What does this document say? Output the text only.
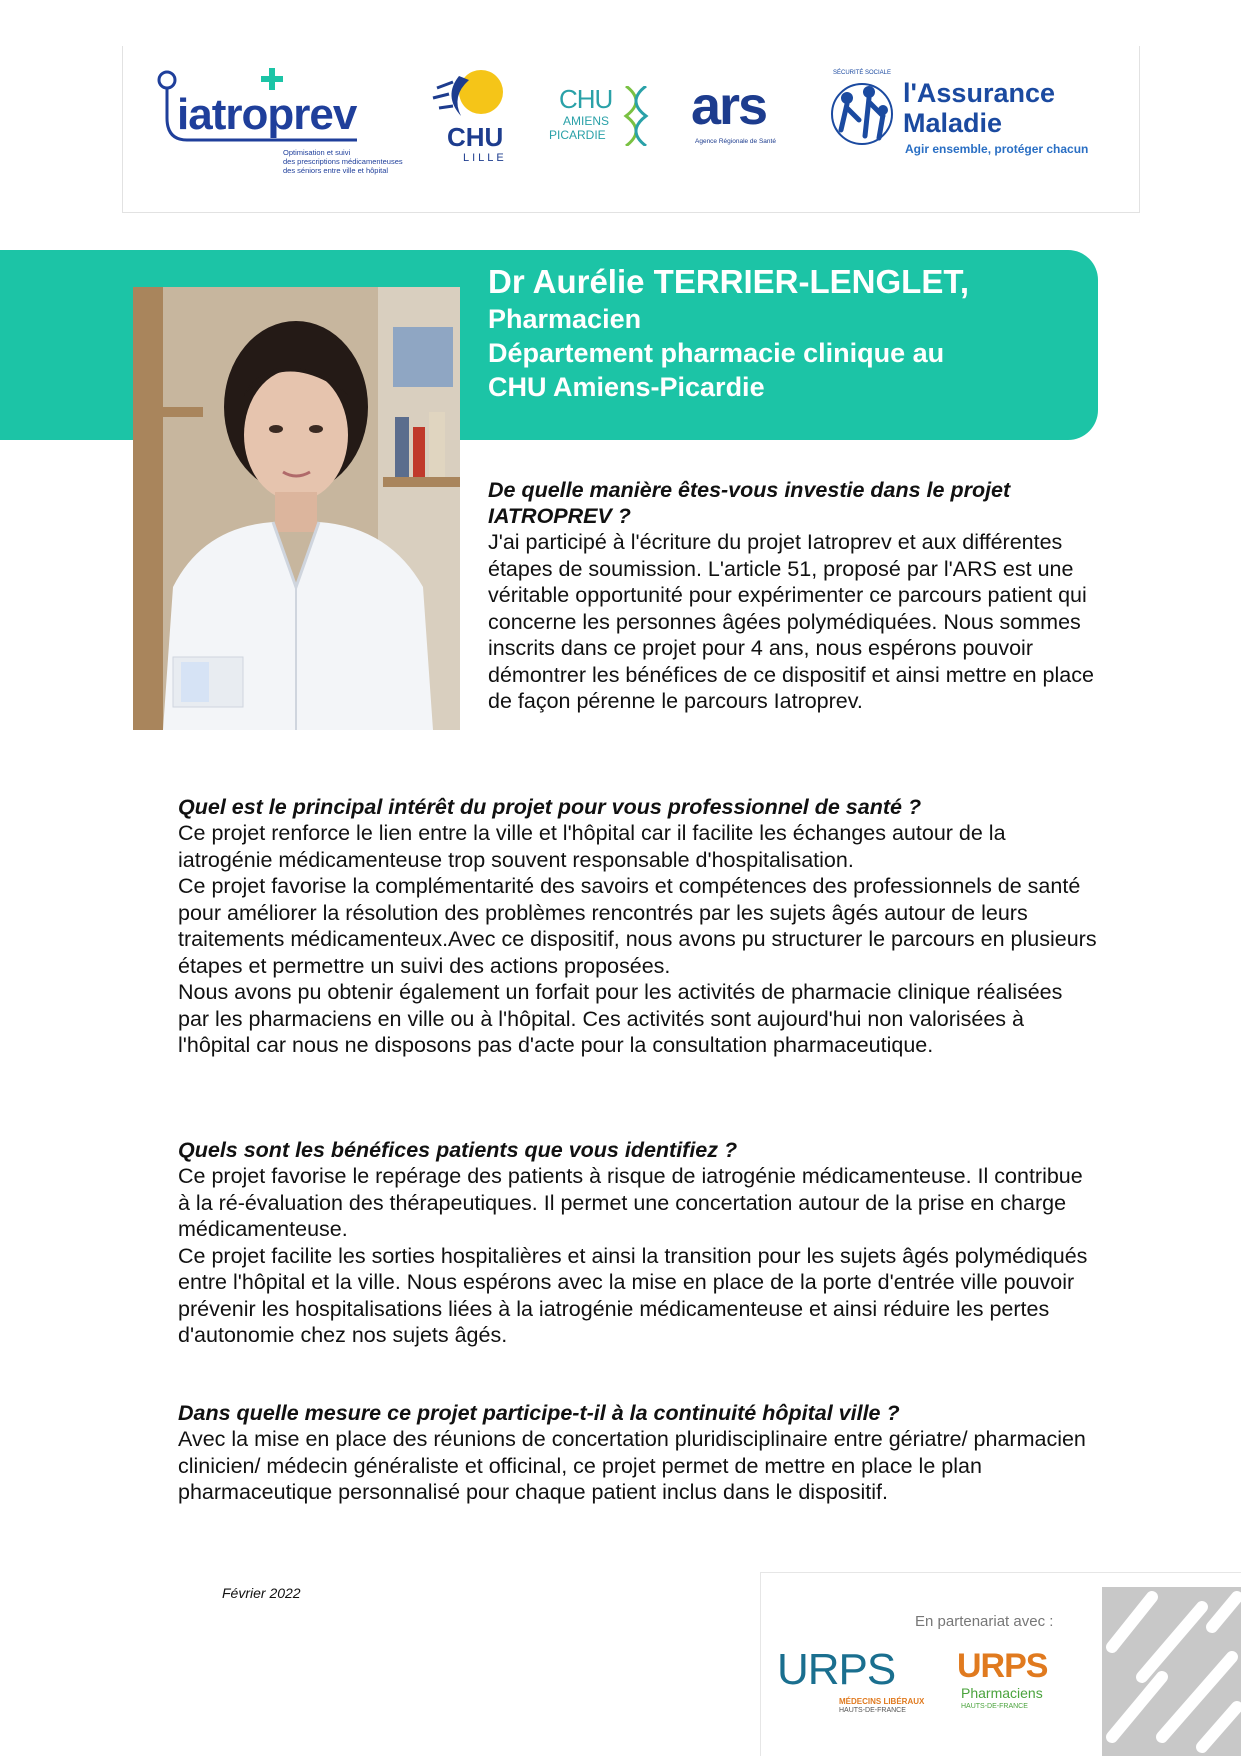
iatroprev
Optimisation et suivi
des prescriptions médicamenteuses
des séniors entre ville et hôpital
CHU
LILLE
CHU
AMIENS
PICARDIE ars
Agence Régionale de Santé
SÉCURITÉ SOCIALE
l'Assurance
Maladie
Agir ensemble, protéger chacun
Dr Aurélie TERRIER-LENGLET,
Pharmacien
Département pharmacie clinique au
CHU Amiens-Picardie

De quelle manière êtes-vous investie dans le projet IATROPREV ?

J'ai participé à l'écriture du projet Iatroprev et aux différentes étapes de soumission. L'article 51, proposé par l'ARS est une véritable opportunité pour expérimenter ce parcours patient qui concerne les personnes âgées polymédiquées. Nous sommes inscrits dans ce projet pour 4 ans, nous espérons pouvoir démontrer les bénéfices de ce dispositif et ainsi mettre en place de façon pérenne le parcours Iatroprev.

Quel est le principal intérêt du projet pour vous professionnel de santé ?

Ce projet renforce le lien entre la ville et l'hôpital car il facilite les échanges autour de la iatrogénie médicamenteuse trop souvent responsable d'hospitalisation.

Ce projet favorise la complémentarité des savoirs et compétences des professionnels de santé pour améliorer la résolution des problèmes rencontrés par les sujets âgés autour de leurs traitements médicamenteux.Avec ce dispositif, nous avons pu structurer le parcours en plusieurs étapes et permettre un suivi des actions proposées.

Nous avons pu obtenir également un forfait pour les activités de pharmacie clinique réalisées par les pharmaciens en ville ou à l'hôpital. Ces activités sont aujourd'hui non valorisées à l'hôpital car nous ne disposons pas d'acte pour la consultation pharmaceutique.

Quels sont les bénéfices patients que vous identifiez ?

Ce projet favorise le repérage des patients à risque de iatrogénie médicamenteuse. Il contribue à la ré-évaluation des thérapeutiques. Il permet une concertation autour de la prise en charge médicamenteuse.

Ce projet facilite les sorties hospitalières et ainsi la transition pour les sujets âgés polymédiqués entre l'hôpital et la ville. Nous espérons avec la mise en place de la porte d'entrée ville pouvoir prévenir les hospitalisations liées à la iatrogénie médicamenteuse et ainsi réduire les pertes d'autonomie chez nos sujets âgés.

Dans quelle mesure ce projet participe-t-il à la continuité hôpital ville ?

Avec la mise en place des réunions de concertation pluridisciplinaire entre gériatre/ pharmacien clinicien/ médecin généraliste et officinal, ce projet permet de mettre en place le plan pharmaceutique personnalisé pour chaque patient inclus dans le dispositif.

Février 2022
En partenariat avec :
URPS
MÉDECINS LIBÉRAUX
HAUTS-DE-FRANCE
URPS
Pharmaciens
HAUTS-DE-FRANCE
